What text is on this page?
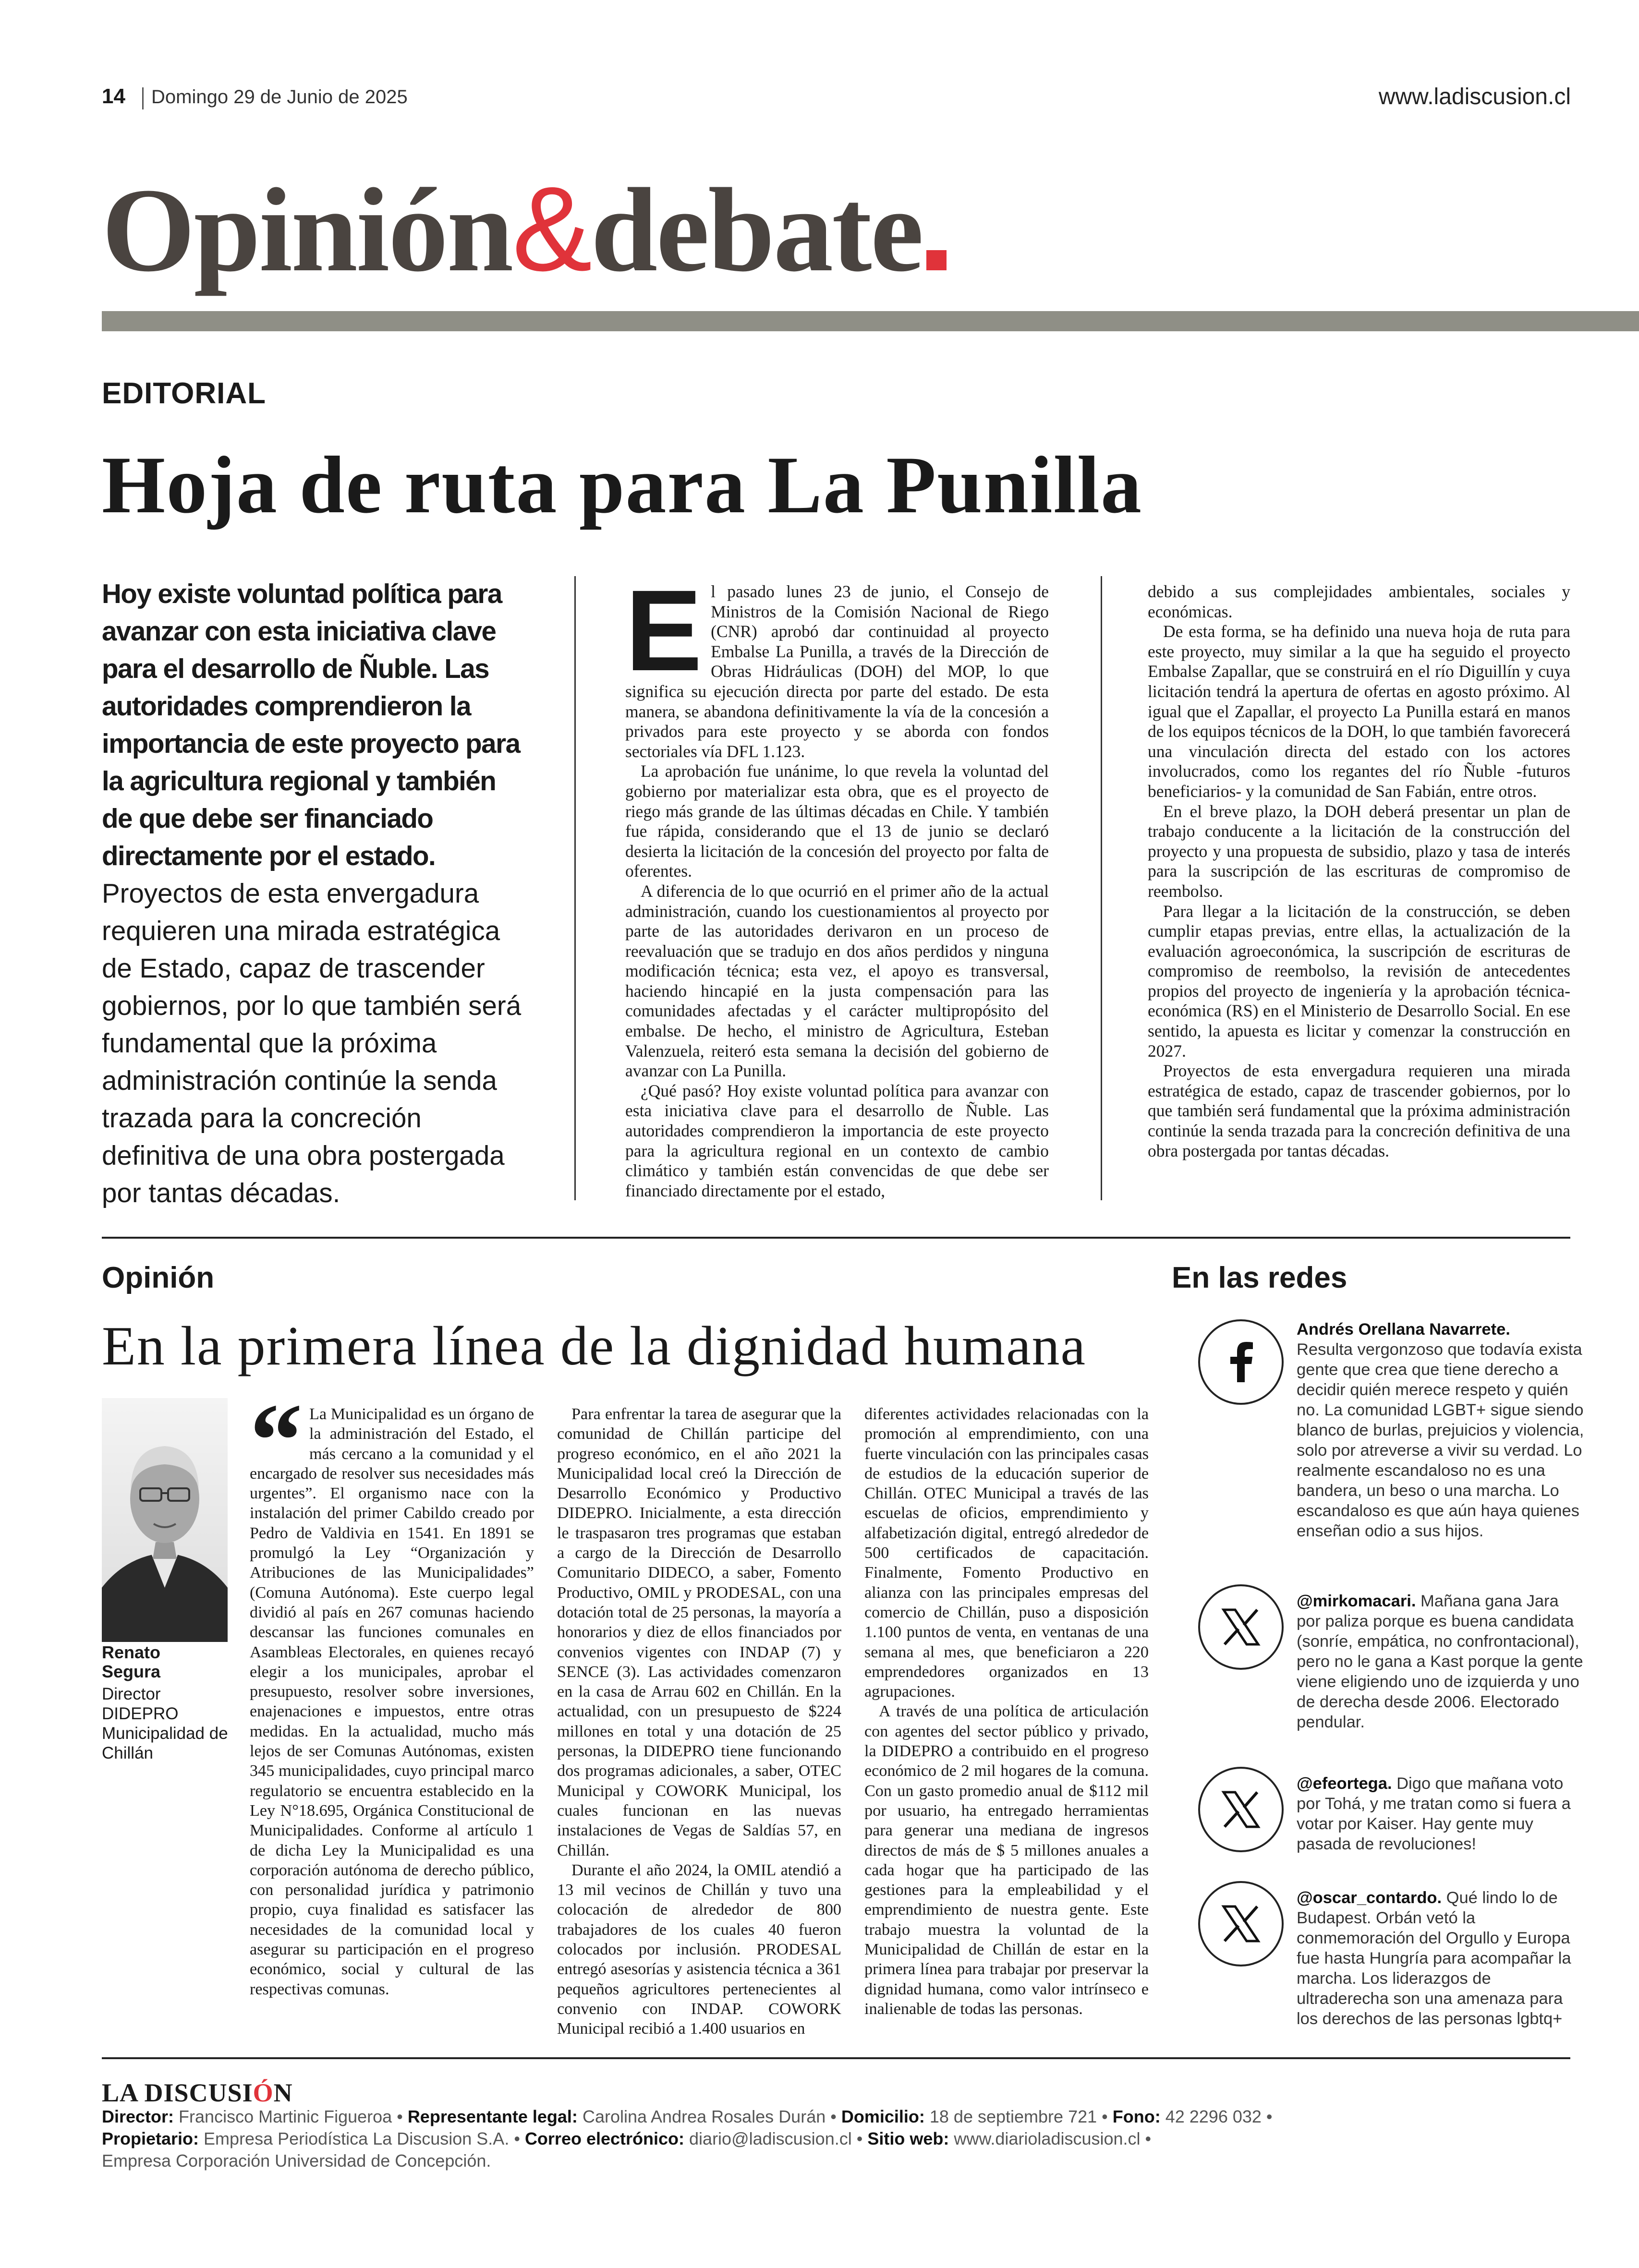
14 Domingo 29 de Junio de 2025	www.ladiscusion.cl
Opinión&debate
EDITORIAL
Hoja de ruta para La Punilla
Hoy existe voluntad política para avanzar con esta iniciativa clave para el desarrollo de Ñuble. Las autoridades comprendieron la importancia de este proyecto para la agricultura regional y también de que debe ser financiado directamente por el estado. Proyectos de esta envergadura requieren una mirada estratégica de Estado, capaz de trascender gobiernos, por lo que también será fundamental que la próxima administración continúe la senda trazada para la concreción definitiva de una obra postergada por tantas décadas.
E l pasado lunes 23 de junio, el Consejo de Ministros de la Comisión Nacional de Riego (CNR) aprobó dar continuidad al proyecto Embalse La Punilla, a través de la Dirección de Obras Hidráulicas (DOH) del MOP, lo que significa su ejecución directa por parte del estado. De esta manera, se abandona definitivamente la vía de la concesión a privados para este proyecto y se aborda con fondos sectoriales vía DFL 1.123.

La aprobación fue unánime, lo que revela la voluntad del gobierno por materializar esta obra, que es el proyecto de riego más grande de las últimas décadas en Chile. Y también fue rápida, considerando que el 13 de junio se declaró desierta la licitación de la concesión del proyecto por falta de oferentes.

A diferencia de lo que ocurrió en el primer año de la actual administración, cuando los cuestionamientos al proyecto por parte de las autoridades derivaron en un proceso de reevaluación que se tradujo en dos años perdidos y ninguna modificación técnica; esta vez, el apoyo es transversal, haciendo hincapié en la justa compensación para las comunidades afectadas y el carácter multipropósito del embalse. De hecho, el ministro de Agricultura, Esteban Valenzuela, reiteró esta semana la decisión del gobierno de avanzar con La Punilla.

¿Qué pasó? Hoy existe voluntad política para avanzar con esta iniciativa clave para el desarrollo de Ñuble. Las autoridades comprendieron la importancia de este proyecto para la agricultura regional en un contexto de cambio climático y también están convencidas de que debe ser financiado directamente por el estado,

debido a sus complejidades ambientales, sociales y económicas.

De esta forma, se ha definido una nueva hoja de ruta para este proyecto, muy similar a la que ha seguido el proyecto Embalse Zapallar, que se construirá en el río Diguillín y cuya licitación tendrá la apertura de ofertas en agosto próximo. Al igual que el Zapallar, el proyecto La Punilla estará en manos de los equipos técnicos de la DOH, lo que también favorecerá una vinculación directa del estado con los actores involucrados, como los regantes del río Ñuble -futuros beneficiarios- y la comunidad de San Fabián, entre otros.

En el breve plazo, la DOH deberá presentar un plan de trabajo conducente a la licitación de la construcción del proyecto y una propuesta de subsidio, plazo y tasa de interés para la suscripción de las escrituras de compromiso de reembolso.

Para llegar a la licitación de la construcción, se deben cumplir etapas previas, entre ellas, la actualización de la evaluación agroeconómica, la suscripción de escrituras de compromiso de reembolso, la revisión de antecedentes propios del proyecto de ingeniería y la aprobación técnica-económica (RS) en el Ministerio de Desarrollo Social. En ese sentido, la apuesta es licitar y comenzar la construcción en 2027.

Proyectos de esta envergadura requieren una mirada estratégica de estado, capaz de trascender gobiernos, por lo que también será fundamental que la próxima administración continúe la senda trazada para la concreción definitiva de una obra postergada por tantas décadas.

Opinión
En la primera línea de la dignidad humana
Renato Segura
Director DIDEPRO Municipalidad de Chillán
“ La Municipalidad es un órgano de la administración del Estado, el más cercano a la comunidad y el encargado de resolver sus necesidades más urgentes”. El organismo nace con la instalación del primer Cabildo creado por Pedro de Valdivia en 1541. En 1891 se promulgó la Ley “Organización y Atribuciones de las Municipalidades” (Comuna Autónoma). Este cuerpo legal dividió al país en 267 comunas haciendo descansar las funciones comunales en Asambleas Electorales, en quienes recayó elegir a los municipales, aprobar el presupuesto, resolver sobre inversiones, enajenaciones e impuestos, entre otras medidas. En la actualidad, mucho más lejos de ser Comunas Autónomas, existen 345 municipalidades, cuyo principal marco regulatorio se encuentra establecido en la Ley N°18.695, Orgánica Constitucional de Municipalidades. Conforme al artículo 1 de dicha Ley la Municipalidad es una corporación autónoma de derecho público, con personalidad jurídica y patrimonio propio, cuya finalidad es satisfacer las necesidades de la comunidad local y asegurar su participación en el progreso económico, social y cultural de las respectivas comunas.

Para enfrentar la tarea de asegurar que la comunidad de Chillán participe del progreso económico, en el año 2021 la Municipalidad local creó la Dirección de Desarrollo Económico y Productivo DIDEPRO. Inicialmente, a esta dirección le traspasaron tres programas que estaban a cargo de la Dirección de Desarrollo Comunitario DIDECO, a saber, Fomento Productivo, OMIL y PRODESAL, con una dotación total de 25 personas, la mayoría a honorarios y diez de ellos financiados por convenios vigentes con INDAP (7) y SENCE (3). Las actividades comenzaron en la casa de Arrau 602 en Chillán. En la actualidad, con un presupuesto de $224 millones en total y una dotación de 25 personas, la DIDEPRO tiene funcionando dos programas adicionales, a saber, OTEC Municipal y COWORK Municipal, los cuales funcionan en las nuevas instalaciones de Vegas de Saldías 57, en Chillán.

Durante el año 2024, la OMIL atendió a 13 mil vecinos de Chillán y tuvo una colocación de alrededor de 800 trabajadores de los cuales 40 fueron colocados por inclusión. PRODESAL entregó asesorías y asistencia técnica a 361 pequeños agricultores pertenecientes al convenio con INDAP. COWORK Municipal recibió a 1.400 usuarios en

diferentes actividades relacionadas con la promoción al emprendimiento, con una fuerte vinculación con las principales casas de estudios de la educación superior de Chillán. OTEC Municipal a través de las escuelas de oficios, emprendimiento y alfabetización digital, entregó alrededor de 500 certificados de capacitación. Finalmente, Fomento Productivo en alianza con las principales empresas del comercio de Chillán, puso a disposición 1.100 puntos de venta, en ventanas de una semana al mes, que beneficiaron a 220 emprendedores organizados en 13 agrupaciones.

A través de una política de articulación con agentes del sector público y privado, la DIDEPRO a contribuido en el progreso económico de 2 mil hogares de la comuna. Con un gasto promedio anual de $112 mil por usuario, ha entregado herramientas para generar una mediana de ingresos directos de más de $ 5 millones anuales a cada hogar que ha participado de las gestiones para la empleabilidad y el emprendimiento de nuestra gente. Este trabajo muestra la voluntad de la Municipalidad de Chillán de estar en la primera línea para trabajar por preservar la dignidad humana, como valor intrínseco e inalienable de todas las personas.

En las redes
Andrés Orellana Navarrete.
Resulta vergonzoso que todavía exista gente que crea que tiene derecho a decidir quién merece respeto y quién no. La comunidad LGBT+ sigue siendo blanco de burlas, prejuicios y violencia, solo por atreverse a vivir su verdad. Lo realmente escandaloso no es una bandera, un beso o una marcha. Lo escandaloso es que aún haya quienes enseñan odio a sus hijos.
@mirkomacari. Mañana gana Jara por paliza porque es buena candidata (sonríe, empática, no confrontacional), pero no le gana a Kast porque la gente viene eligiendo uno de izquierda y uno de derecha desde 2006. Electorado pendular.
@efeortega. Digo que mañana voto por Tohá, y me tratan como si fuera a votar por Kaiser. Hay gente muy pasada de revoluciones!
@oscar_contardo. Qué lindo lo de Budapest. Orbán vetó la conmemoración del Orgullo y Europa fue hasta Hungría para acompañar la marcha. Los liderazgos de ultraderecha son una amenaza para los derechos de las personas lgbtq+
LA DISCUSIÓN
Director: Francisco Martinic Figueroa • Representante legal: Carolina Andrea Rosales Durán • Domicilio: 18 de septiembre 721 • Fono: 42 2296 032 •
Propietario: Empresa Periodística La Discusion S.A. • Correo electrónico: diario@ladiscusion.cl • Sitio web: www.diarioladiscusion.cl •
Empresa Corporación Universidad de Concepción.
